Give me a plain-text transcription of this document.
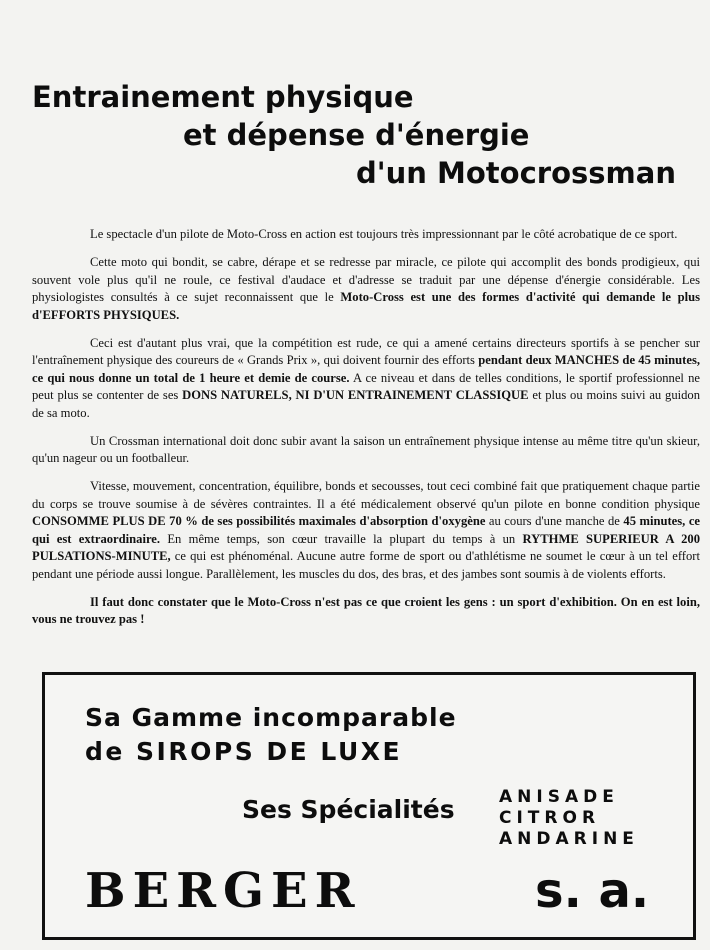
Entrainement physique
et dépense d'énergie
d'un Motocrossman

Le spectacle d'un pilote de Moto-Cross en action est toujours très impressionnant par le côté acrobatique de ce sport.

Cette moto qui bondit, se cabre, dérape et se redresse par miracle, ce pilote qui accomplit des bonds prodigieux, qui souvent vole plus qu'il ne roule, ce festival d'audace et d'adresse se traduit par une dépense d'énergie considérable. Les physiologistes consultés à ce sujet reconnaissent que le Moto-Cross est une des formes d'activité qui demande le plus d'EFFORTS PHYSIQUES.

Ceci est d'autant plus vrai, que la compétition est rude, ce qui a amené certains directeurs sportifs à se pencher sur l'entraînement physique des coureurs de « Grands Prix », qui doivent fournir des efforts pendant deux MANCHES de 45 minutes, ce qui nous donne un total de 1 heure et demie de course. A ce niveau et dans de telles conditions, le sportif professionnel ne peut plus se contenter de ses DONS NATURELS, NI D'UN ENTRAINEMENT CLASSIQUE et plus ou moins suivi au guidon de sa moto.

Un Crossman international doit donc subir avant la saison un entraînement physique intense au même titre qu'un skieur, qu'un nageur ou un footballeur.

Vitesse, mouvement, concentration, équilibre, bonds et secousses, tout ceci combiné fait que pratiquement chaque partie du corps se trouve soumise à de sévères contraintes. Il a été médicalement observé qu'un pilote en bonne condition physique CONSOMME PLUS DE 70 % de ses possibilités maximales d'absorption d'oxygène au cours d'une manche de 45 minutes, ce qui est extraordinaire. En même temps, son cœur travaille la plupart du temps à un RYTHME SUPERIEUR A 200 PULSATIONS-MINUTE, ce qui est phénoménal. Aucune autre forme de sport ou d'athlétisme ne soumet le cœur à un tel effort pendant une période aussi longue. Parallèlement, les muscles du dos, des bras, et des jambes sont soumis à de violents efforts.

Il faut donc constater que le Moto-Cross n'est pas ce que croient les gens : un sport d'exhibition. On en est loin, vous ne trouvez pas !

Sa Gamme incomparable
de SIROPS DE LUXE
Ses Spécialités	ANISADE
CITROR
ANDARINE
BERGER	s. a.
